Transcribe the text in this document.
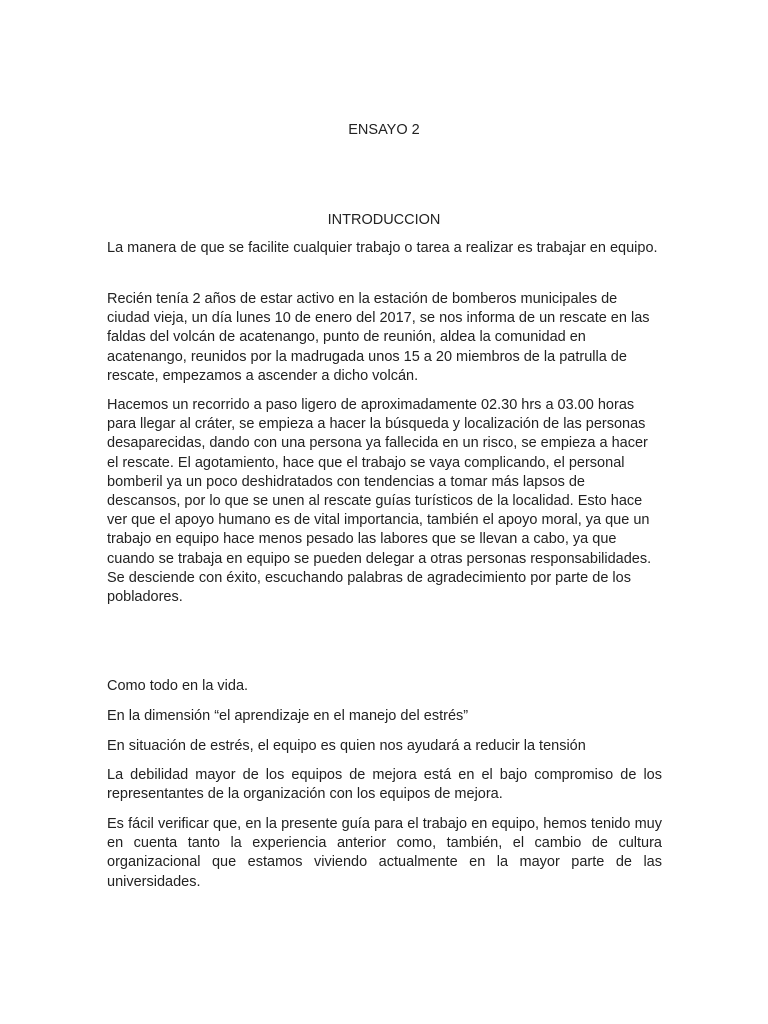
ENSAYO 2
INTRODUCCION

La manera de que se facilite cualquier trabajo o tarea a realizar es trabajar en equipo.

Recién tenía 2 años de estar activo en la estación de bomberos municipales de ciudad vieja, un día lunes 10 de enero del 2017, se nos informa de un rescate en las faldas del volcán de acatenango, punto de reunión, aldea la comunidad en acatenango, reunidos por la madrugada unos 15 a 20 miembros de la patrulla de rescate, empezamos a ascender a dicho volcán.

Hacemos un recorrido a paso ligero de aproximadamente 02.30 hrs a 03.00 horas para llegar al cráter, se empieza a hacer la búsqueda y localización de las personas desaparecidas, dando con una persona ya fallecida en un risco, se empieza a hacer el rescate. El agotamiento, hace que el trabajo se vaya complicando, el personal bomberil ya un poco deshidratados con tendencias a tomar más lapsos de descansos, por lo que se unen al rescate guías turísticos de la localidad. Esto hace ver que el apoyo humano es de vital importancia, también el apoyo moral, ya que un trabajo en equipo hace menos pesado las labores que se llevan a cabo, ya que cuando se trabaja en equipo se pueden delegar a otras personas responsabilidades. Se desciende con éxito, escuchando palabras de agradecimiento por parte de los pobladores.

Como todo en la vida.

En la dimensión “el aprendizaje en el manejo del estrés”

En situación de estrés, el equipo es quien nos ayudará a reducir la tensión

La debilidad mayor de los equipos de mejora está en el bajo compromiso de los representantes de la organización con los equipos de mejora.

Es fácil verificar que, en la presente guía para el trabajo en equipo, hemos tenido muy en cuenta tanto la experiencia anterior como, también, el cambio de cultura organizacional que estamos viviendo actualmente en la mayor parte de las universidades.
